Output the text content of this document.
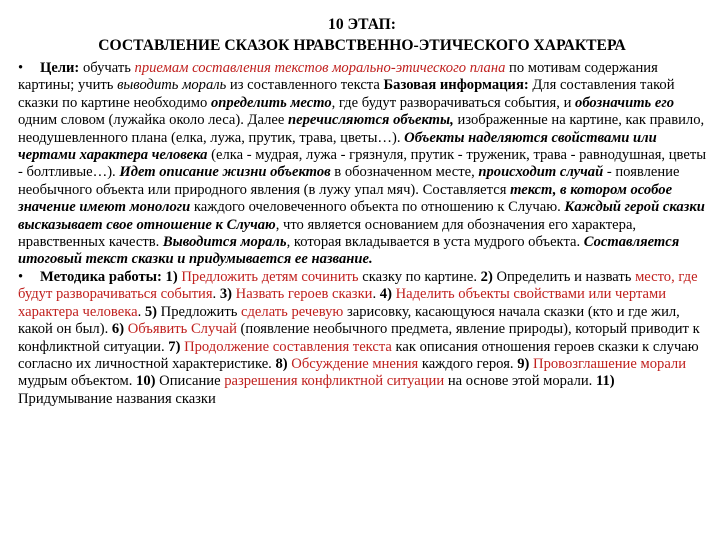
10 ЭТАП:
СОСТАВЛЕНИЕ СКАЗОК НРАВСТВЕННО-ЭТИЧЕСКОГО ХАРАКТЕРА

• Цели: обучать приемам составления текстов морально-этического плана по мотивам содержания картины; учить выводить мораль из составленного текста Базовая информация: Для составления такой сказки по картине необходимо определить место, где будут разворачиваться события, и обозначить его одним словом (лужайка около леса). Далее перечисляются объекты, изображенные на картине, как правило, неодушевленного плана (елка, лужа, прутик, трава, цветы…). Объекты наделяются свойствами или чертами характера человека (елка - мудрая, лужа - грязнуля, прутик - труженик, трава - равнодушная, цветы - болтливые…). Идет описание жизни объектов в обозначенном месте, происходит случай - появление необычного объекта или природного явления (в лужу упал мяч). Составляется текст, в котором особое значение имеют монологи каждого очеловеченного объекта по отношению к Случаю. Каждый герой сказки высказывает свое отношение к Случаю, что является основанием для обозначения его характера, нравственных качеств. Выводится мораль, которая вкладывается в уста мудрого объекта. Составляется итоговый текст сказки и придумывается ее название.

• Методика работы: 1) Предложить детям сочинить сказку по картине. 2) Определить и назвать место, где будут разворачиваться события. 3) Назвать героев сказки. 4) Наделить объекты свойствами или чертами характера человека. 5) Предложить сделать речевую зарисовку, касающуюся начала сказки (кто и где жил, какой он был). 6) Объявить Случай (появление необычного предмета, явление природы), который приводит к конфликтной ситуации. 7) Продолжение составления текста как описания отношения героев сказки к случаю согласно их личностной характеристике. 8) Обсуждение мнения каждого героя. 9) Провозглашение морали мудрым объектом. 10) Описание разрешения конфликтной ситуации на основе этой морали. 11) Придумывание названия сказки
